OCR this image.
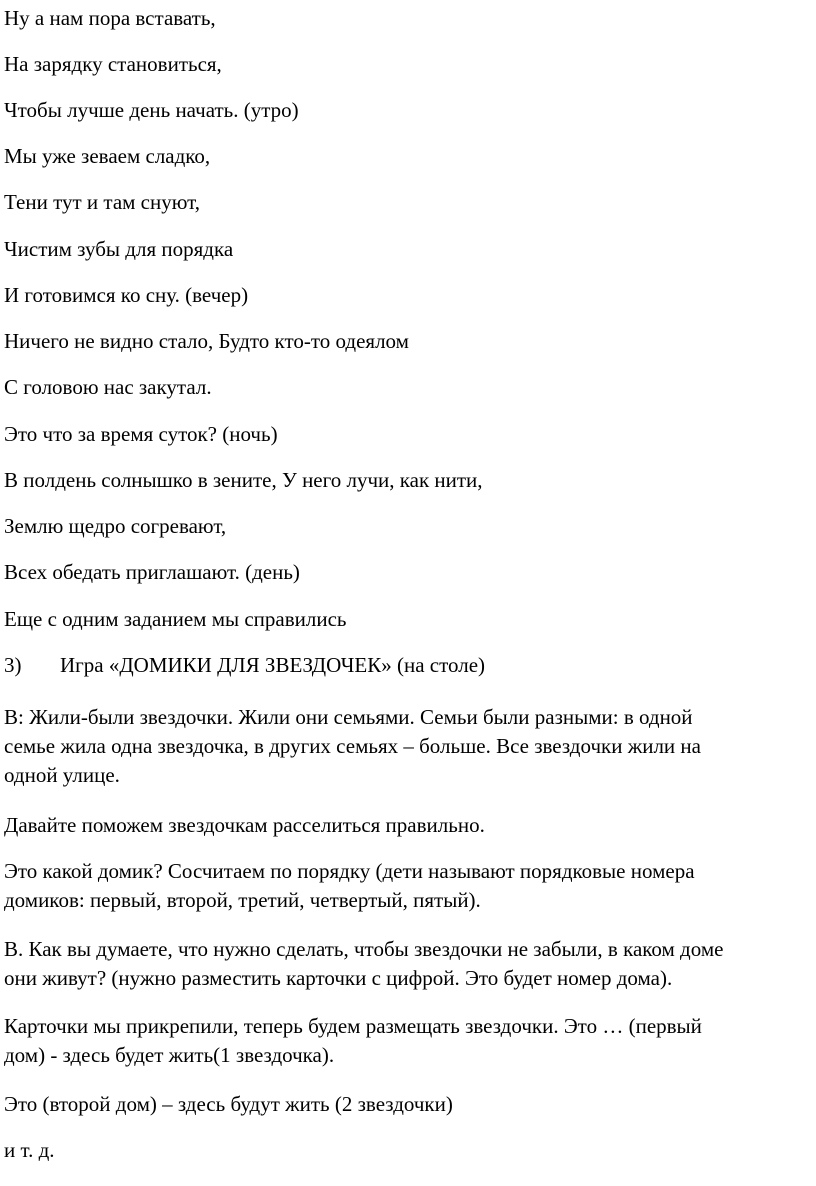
Ну а нам пора вставать,
На зарядку становиться,
Чтобы лучше день начать. (утро)
Мы уже зеваем сладко,
Тени тут и там снуют,
Чистим зубы для порядка
И готовимся ко сну. (вечер)
Ничего не видно стало, Будто кто-то одеялом
С головою нас закутал.
Это что за время суток? (ночь)
В полдень солнышко в зените, У него лучи, как нити,
Землю щедро согревают,
Всех обедать приглашают. (день)
Еще с одним заданием мы справились
3) Игра «ДОМИКИ ДЛЯ ЗВЕЗДОЧЕК» (на столе)
В: Жили-были звездочки. Жили они семьями. Семьи были разными: в одной
семье жила одна звездочка, в других семьях – больше. Все звездочки жили на
одной улице.
Давайте поможем звездочкам расселиться правильно.
Это какой домик? Сосчитаем по порядку (дети называют порядковые номера
домиков: первый, второй, третий, четвертый, пятый).
В. Как вы думаете, что нужно сделать, чтобы звездочки не забыли, в каком доме
они живут? (нужно разместить карточки с цифрой. Это будет номер дома).
Карточки мы прикрепили, теперь будем размещать звездочки. Это … (первый
дом) - здесь будет жить(1 звездочка).
Это (второй дом) – здесь будут жить (2 звездочки)
и т. д.
